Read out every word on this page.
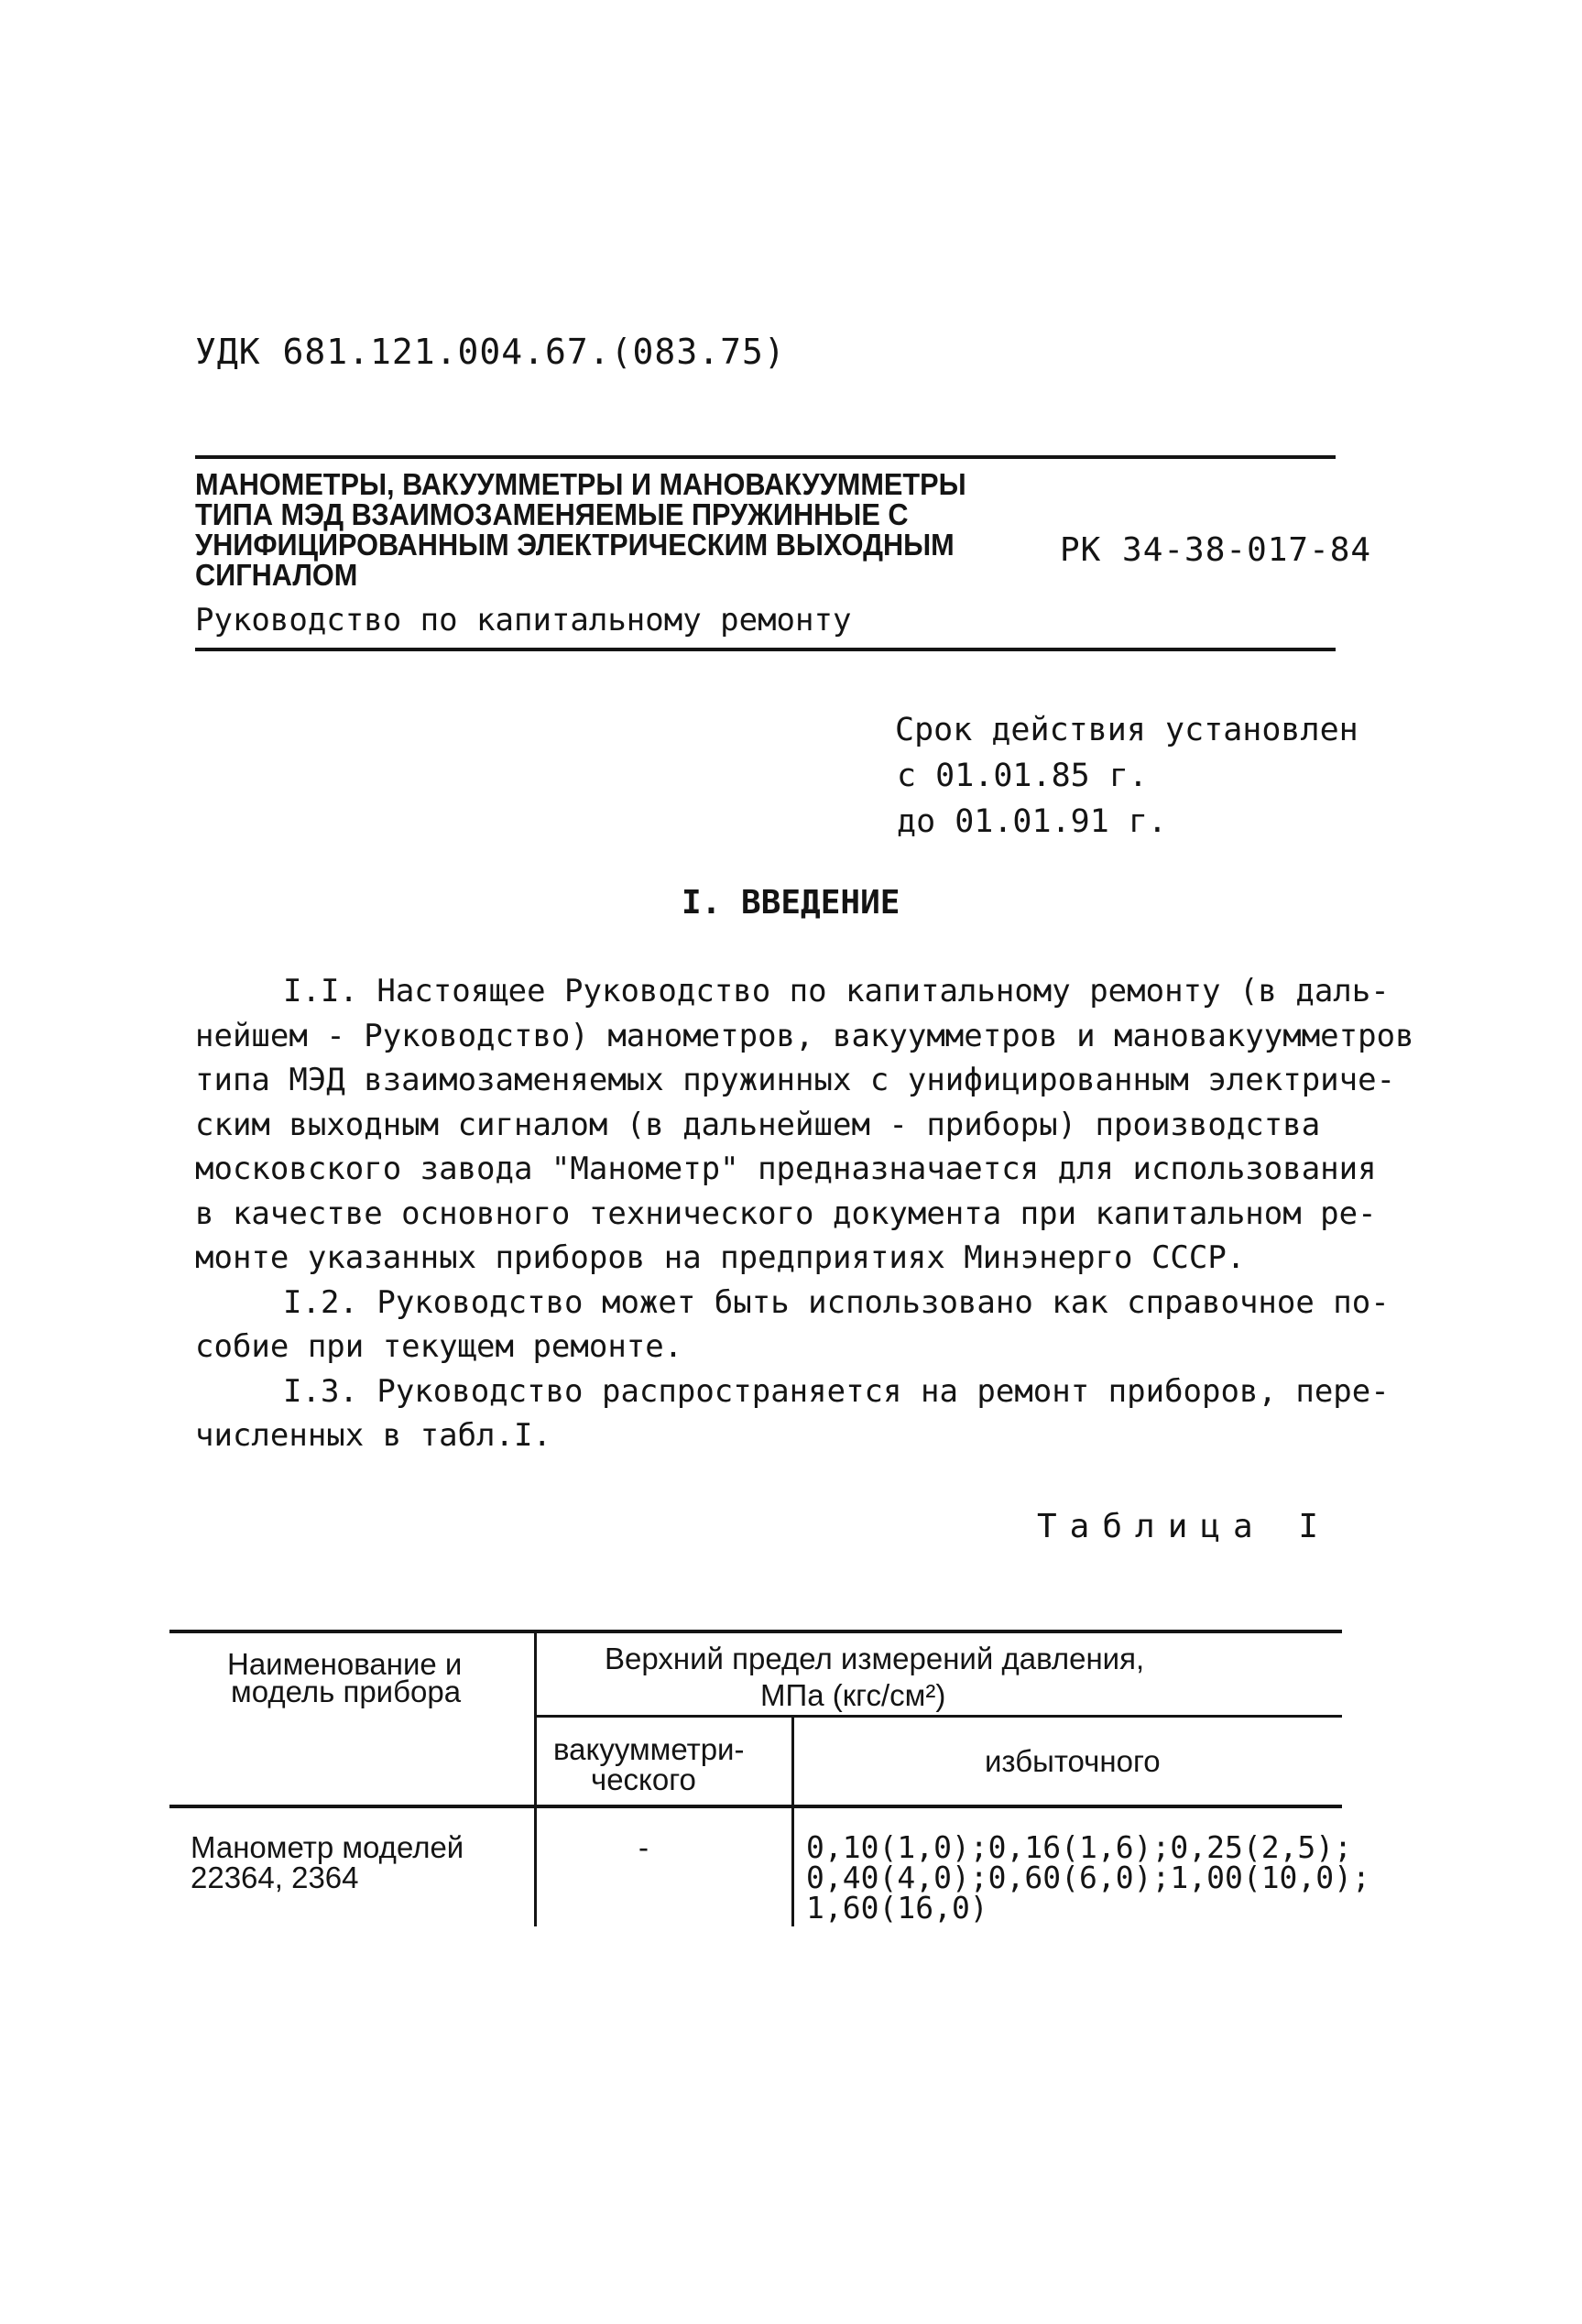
УДК 681.121.004.67.(083.75)
МАНОМЕТРЫ, ВАКУУММЕТРЫ И МАНОВАКУУММЕТРЫ
ТИПА МЭД ВЗАИМОЗАМЕНЯЕМЫЕ ПРУЖИННЫЕ С
УНИФИЦИРОВАННЫМ ЭЛЕКТРИЧЕСКИМ ВЫХОДНЫМ
СИГНАЛОМ
РК 34-38-017-84
Руководство по капитальному ремонту
Срок действия установлен
с 01.01.85 г.
до 01.01.91 г.
I. ВВЕДЕНИЕ
I.I. Настоящее Руководство по капитальному ремонту (в даль-
нейшем - Руководство) манометров, вакуумметров и мановакуумметров
типа МЭД взаимозаменяемых пружинных с унифицированным электриче-
ским выходным сигналом (в дальнейшем - приборы) производства
московского завода "Манометр" предназначается для использования
в качестве основного технического документа при капитальном ре-
монте указанных приборов на предприятиях Минэнерго СССР.
I.2. Руководство может быть использовано как справочное по-
собие при текущем ремонте.
I.3. Руководство распространяется на ремонт приборов, пере-
численных в табл.I.
Таблица I
Наименование и
модель прибора
Верхний предел измерений давления,
МПа (кгс/см²)
вакуумметри-
ческого
избыточного
Манометр моделей
22364, 2364
-	0,10(1,0);0,16(1,6);0,25(2,5);
0,40(4,0);0,60(6,0);1,00(10,0);
1,60(16,0)
